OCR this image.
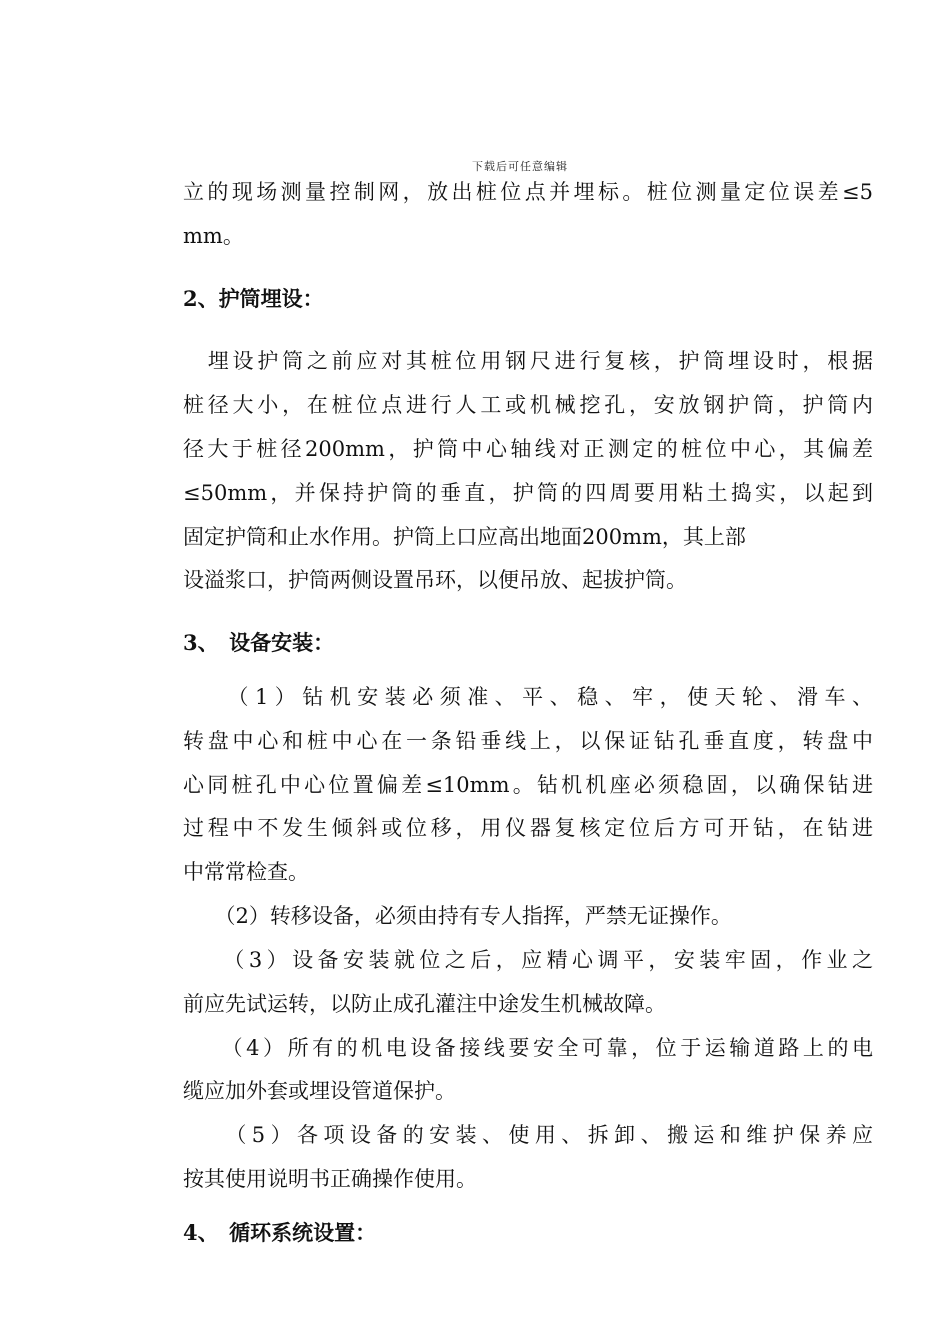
下载后可任意编辑
立的现场测量控制网，放出桩位点并埋标。桩位测量定位误差≤5
mm。
2、护筒埋设：
　埋设护筒之前应对其桩位用钢尺进行复核，护筒埋设时，根据
桩径大小，在桩位点进行人工或机械挖孔，安放钢护筒，护筒内
径大于桩径200mm，护筒中心轴线对正测定的桩位中心，其偏差
≤50mm，并保持护筒的垂直，护筒的四周要用粘土捣实，以起到
固定护筒和止水作用。护筒上口应高出地面200mm，其上部
设溢浆口，护筒两侧设置吊环，以便吊放、起拔护筒。
3、　设备安装：
　　（1）钻机安装必须准、平、稳、牢，使天轮、滑车、
转盘中心和桩中心在一条铅垂线上，以保证钻孔垂直度，转盘中
心同桩孔中心位置偏差≤10mm。钻机机座必须稳固，以确保钻进
过程中不发生倾斜或位移，用仪器复核定位后方可开钻，在钻进
中常常检查。
　　（2）转移设备，必须由持有专人指挥，严禁无证操作。
　　（3）设备安装就位之后，应精心调平，安装牢固，作业之
前应先试运转，以防止成孔灌注中途发生机械故障。
　　（4）所有的机电设备接线要安全可靠，位于运输道路上的电
缆应加外套或埋设管道保护。
　　（5）各项设备的安装、使用、拆卸、搬运和维护保养应
按其使用说明书正确操作使用。
4、　循环系统设置：
